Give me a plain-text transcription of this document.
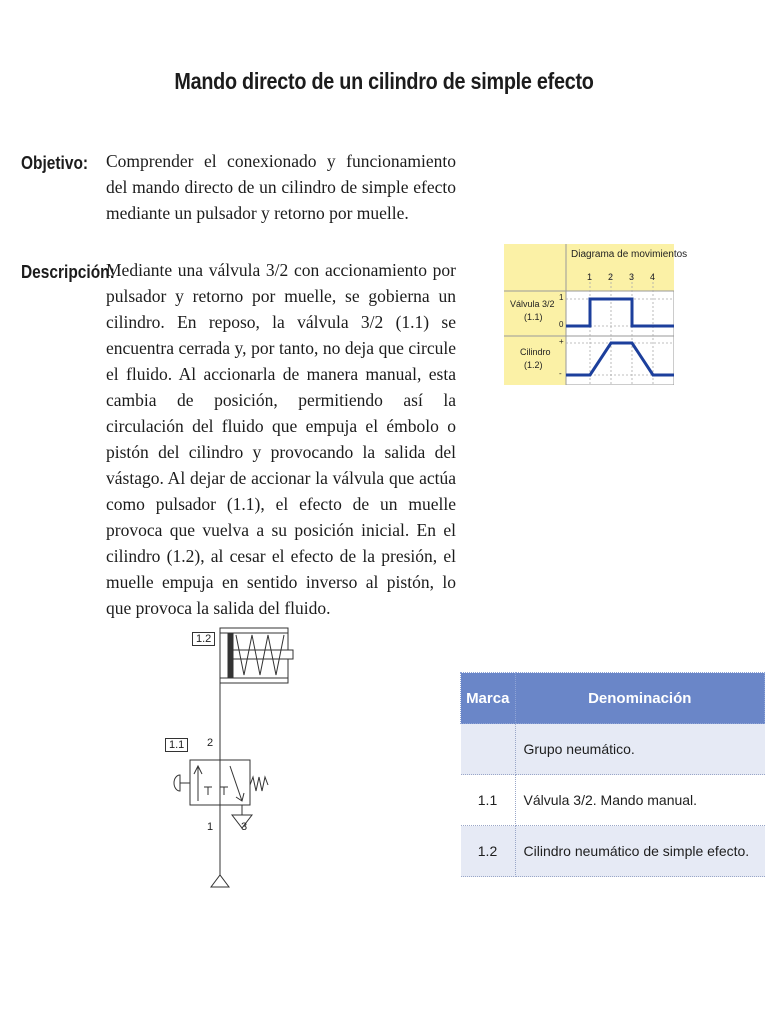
Mando directo de un cilindro de simple efecto
Objetivo: Comprender el conexionado y funcionamiento del mando directo de un cilindro de simple efecto mediante un pulsador y retorno por muelle.
Descripción:
Mediante una válvula 3/2 con accionamiento por pulsador y retorno por muelle, se gobierna un cilindro. En reposo, la válvula 3/2 (1.1) se encuentra cerrada y, por tanto, no deja que circule el fluido. Al accionarla de manera manual, esta cambia de posición, permitiendo así la circulación del fluido que empuja el émbolo o pistón del cilindro y provocando la salida del vástago. Al dejar de accionar la válvula que actúa como pulsador (1.1), el efecto de un muelle provoca que vuelva a su posición inicial. En el cilindro (1.2), al cesar el efecto de la presión, el muelle empuja en sentido inverso al pistón, lo que provoca la salida del fluido.
Diagrama de movimientos
1 2 3 4
Válvula 3/2
(1.1)
1
0
Cilindro
(1.2)
+
-
1.2
1.1	2
1	3
Marca	Denominación
	Grupo neumático.
1.1	Válvula 3/2. Mando manual.
1.2	Cilindro neumático de simple efecto.
